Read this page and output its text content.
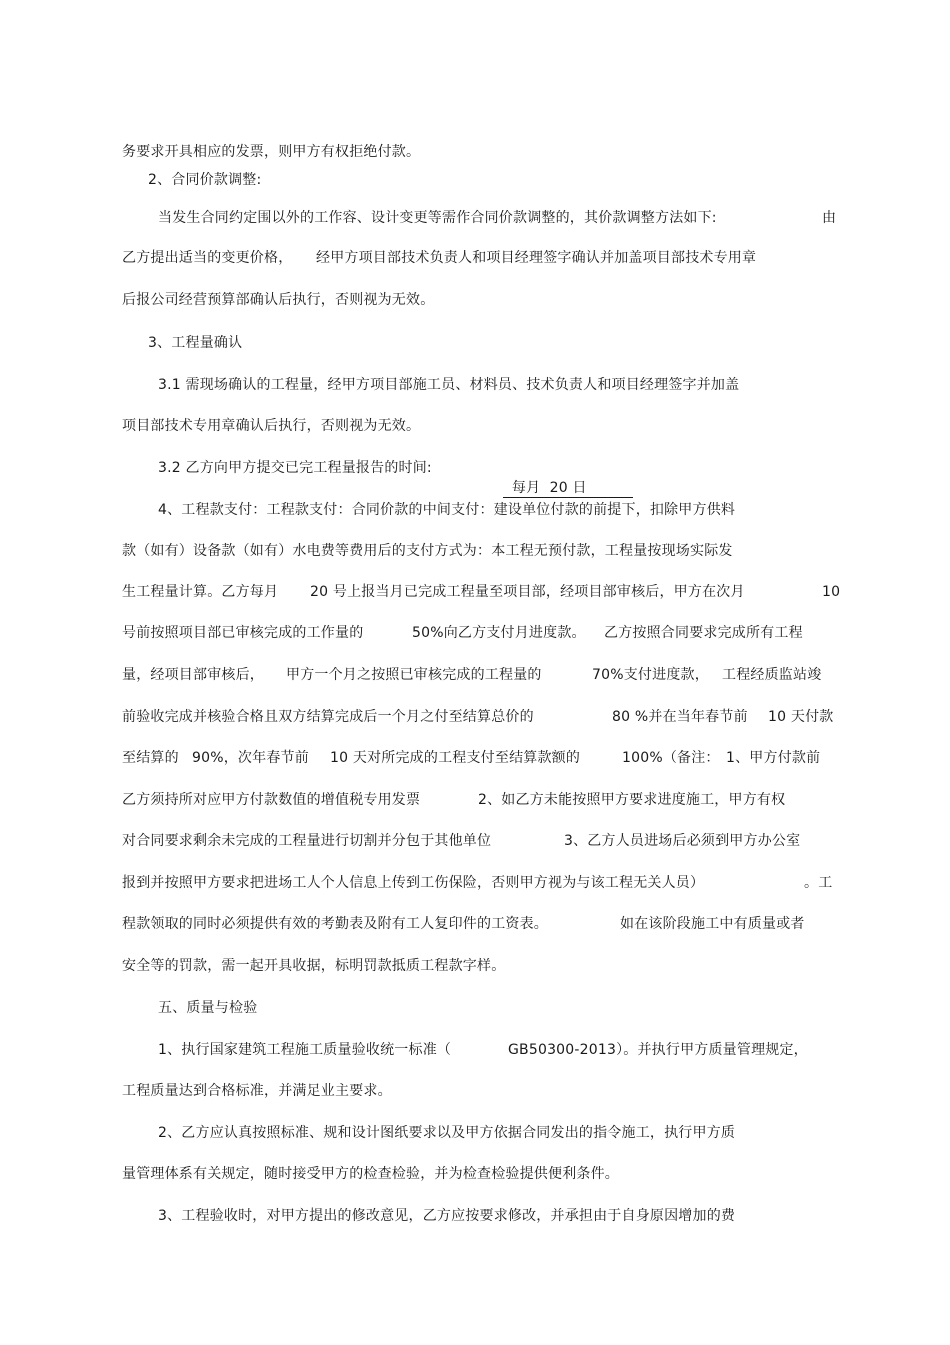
务要求开具相应的发票，则甲方有权拒绝付款。
2、合同价款调整:
当发生合同约定围以外的工作容、设计变更等需作合同价款调整的，其价款调整方法如下:	由
乙方提出适当的变更价格， 经甲方项目部技术负责人和项目经理签字确认并加盖项目部技术专用章
后报公司经营预算部确认后执行，否则视为无效。
3、工程量确认
3.1 需现场确认的工程量，经甲方项目部施工员、材料员、技术负责人和项目经理签字并加盖
项目部技术专用章确认后执行，否则视为无效。
3.2 乙方向甲方提交已完工程量报告的时间:

每月  20 日

4、工程款支付：工程款支付：合同价款的中间支付：建设单位付款的前提下，扣除甲方供料
款（如有）设备款（如有）水电费等费用后的支付方式为：本工程无预付款，工程量按现场实际发
生工程量计算。乙方每月 20 号上报当月已完成工程量至项目部，经项目部审核后，甲方在次月	10
号前按照项目部已审核完成的工作量的	50%向乙方支付月进度款。 乙方按照合同要求完成所有工程
量，经项目部审核后， 甲方一个月之按照已审核完成的工程量的	70%支付进度款， 工程经质监站竣
前验收完成并核验合格且双方结算完成后一个月之付至结算总价的	80 %并在当年春节前 10 天付款
至结算的 90%，次年春节前 10 天对所完成的工程支付至结算款额的	100%（备注： 1、甲方付款前
乙方须持所对应甲方付款数值的增值税专用发票	2、如乙方未能按照甲方要求进度施工，甲方有权
对合同要求剩余未完成的工程量进行切割并分包于其他单位	3、乙方人员进场后必须到甲方办公室
报到并按照甲方要求把进场工人个人信息上传到工伤保险，否则甲方视为与该工程无关人员）	。工
程款领取的同时必须提供有效的考勤表及附有工人复印件的工资表。	如在该阶段施工中有质量或者
安全等的罚款，需一起开具收据，标明罚款抵质工程款字样。
五、质量与检验
1、执行国家建筑工程施工质量验收统一标准（	GB50300-2013）。并执行甲方质量管理规定，
工程质量达到合格标准，并满足业主要求。
2、乙方应认真按照标准、规和设计图纸要求以及甲方依据合同发出的指令施工，执行甲方质
量管理体系有关规定，随时接受甲方的检查检验，并为检查检验提供便利条件。
3、工程验收时，对甲方提出的修改意见，乙方应按要求修改，并承担由于自身原因增加的费
